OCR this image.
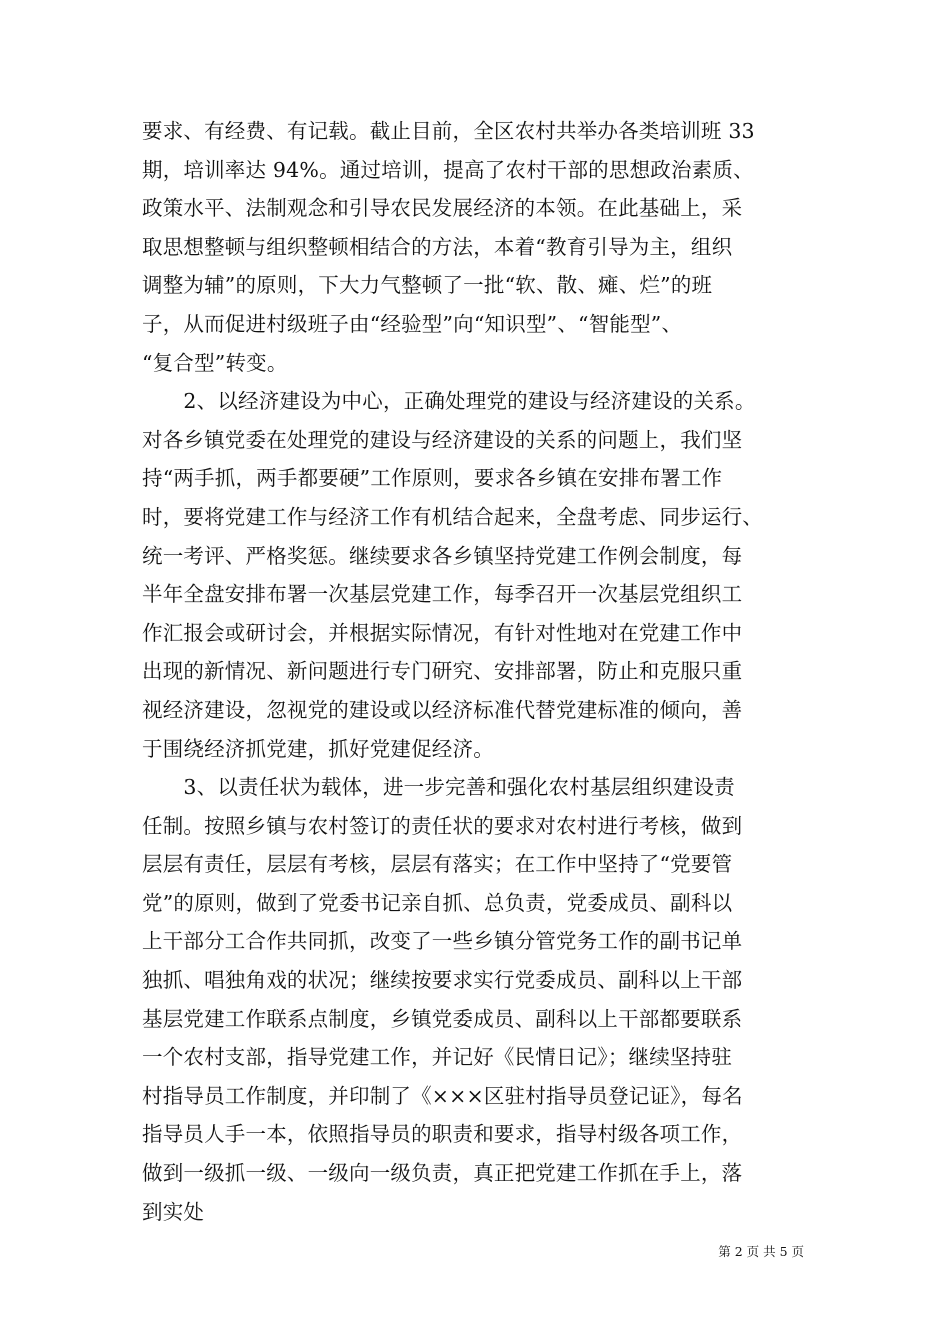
要求、有经费、有记载。截止目前，全区农村共举办各类培训班 33
期，培训率达 94%。通过培训，提高了农村干部的思想政治素质、
政策水平、法制观念和引导农民发展经济的本领。在此基础上，采
取思想整顿与组织整顿相结合的方法，本着“教育引导为主，组织
调整为辅”的原则，下大力气整顿了一批“软、散、瘫、烂”的班
子，从而促进村级班子由“经验型”向“知识型”、“智能型”、
“复合型”转变。
　　2、以经济建设为中心，正确处理党的建设与经济建设的关系。
对各乡镇党委在处理党的建设与经济建设的关系的问题上，我们坚
持“两手抓，两手都要硬”工作原则，要求各乡镇在安排布署工作
时，要将党建工作与经济工作有机结合起来，全盘考虑、同步运行、
统一考评、严格奖惩。继续要求各乡镇坚持党建工作例会制度，每
半年全盘安排布署一次基层党建工作，每季召开一次基层党组织工
作汇报会或研讨会，并根据实际情况，有针对性地对在党建工作中
出现的新情况、新问题进行专门研究、安排部署，防止和克服只重
视经济建设，忽视党的建设或以经济标准代替党建标准的倾向，善
于围绕经济抓党建，抓好党建促经济。
　　3、以责任状为载体，进一步完善和强化农村基层组织建设责
任制。按照乡镇与农村签订的责任状的要求对农村进行考核，做到
层层有责任，层层有考核，层层有落实；在工作中坚持了“党要管
党”的原则，做到了党委书记亲自抓、总负责，党委成员、副科以
上干部分工合作共同抓，改变了一些乡镇分管党务工作的副书记单
独抓、唱独角戏的状况；继续按要求实行党委成员、副科以上干部
基层党建工作联系点制度，乡镇党委成员、副科以上干部都要联系
一个农村支部，指导党建工作，并记好《民情日记》；继续坚持驻
村指导员工作制度，并印制了《×××区驻村指导员登记证》，每名
指导员人手一本，依照指导员的职责和要求，指导村级各项工作，
做到一级抓一级、一级向一级负责，真正把党建工作抓在手上，落
到实处
第 2 页 共 5 页
